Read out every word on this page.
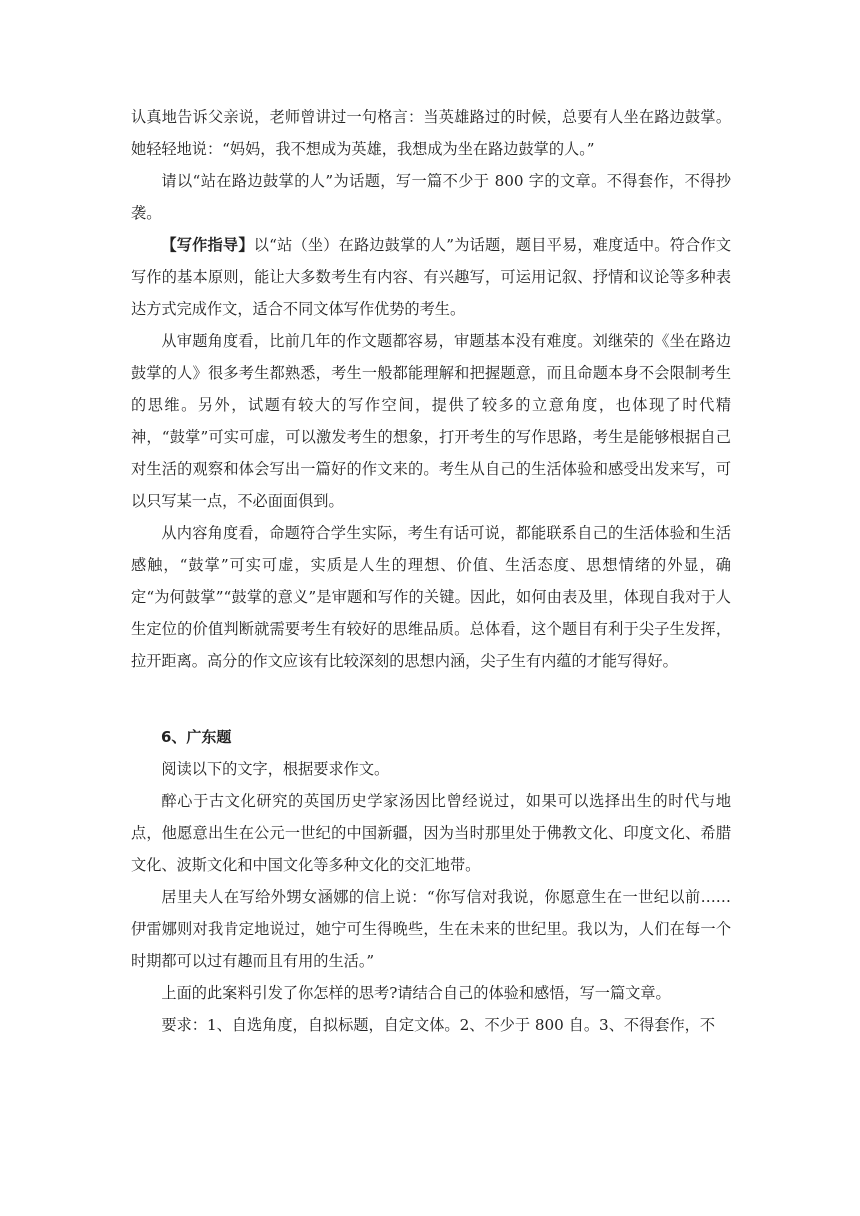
认真地告诉父亲说，老师曾讲过一句格言：当英雄路过的时候，总要有人坐在路边鼓掌。她轻轻地说：“妈妈，我不想成为英雄，我想成为坐在路边鼓掌的人。”

请以“站在路边鼓掌的人”为话题，写一篇不少于 800 字的文章。不得套作，不得抄袭。

【写作指导】以“站（坐）在路边鼓掌的人”为话题，题目平易，难度适中。符合作文写作的基本原则，能让大多数考生有内容、有兴趣写，可运用记叙、抒情和议论等多种表达方式完成作文，适合不同文体写作优势的考生。

从审题角度看，比前几年的作文题都容易，审题基本没有难度。刘继荣的《坐在路边鼓掌的人》很多考生都熟悉，考生一般都能理解和把握题意，而且命题本身不会限制考生的思维。另外，试题有较大的写作空间，提供了较多的立意角度，也体现了时代精神，“鼓掌”可实可虚，可以激发考生的想象，打开考生的写作思路，考生是能够根据自己对生活的观察和体会写出一篇好的作文来的。考生从自己的生活体验和感受出发来写，可以只写某一点，不必面面俱到。

从内容角度看，命题符合学生实际，考生有话可说，都能联系自己的生活体验和生活感触，“鼓掌”可实可虚，实质是人生的理想、价值、生活态度、思想情绪的外显，确定“为何鼓掌”“鼓掌的意义”是审题和写作的关键。因此，如何由表及里，体现自我对于人生定位的价值判断就需要考生有较好的思维品质。总体看，这个题目有利于尖子生发挥，拉开距离。高分的作文应该有比较深刻的思想内涵，尖子生有内蕴的才能写得好。

6、广东题

阅读以下的文字，根据要求作文。

醉心于古文化研究的英国历史学家汤因比曾经说过，如果可以选择出生的时代与地点，他愿意出生在公元一世纪的中国新疆，因为当时那里处于佛教文化、印度文化、希腊文化、波斯文化和中国文化等多种文化的交汇地带。

居里夫人在写给外甥女涵娜的信上说：“你写信对我说，你愿意生在一世纪以前……伊雷娜则对我肯定地说过，她宁可生得晚些，生在未来的世纪里。我以为，人们在每一个时期都可以过有趣而且有用的生活。”

上面的此案料引发了你怎样的思考?请结合自己的体验和感悟，写一篇文章。

要求：1、自选角度，自拟标题，自定文体。2、不少于 800 自。3、不得套作，不
